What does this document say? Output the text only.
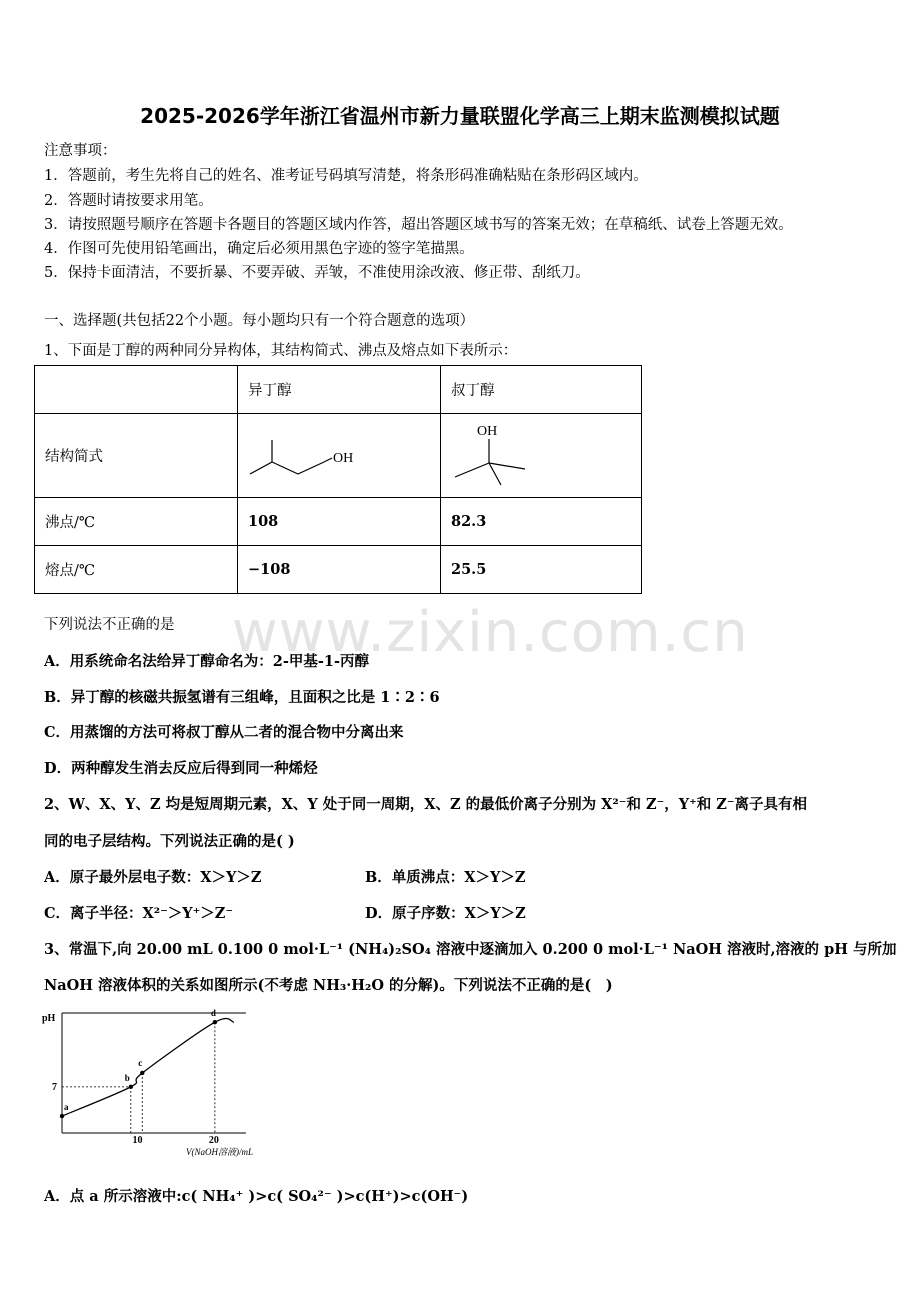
2025-2026学年浙江省温州市新力量联盟化学高三上期末监测模拟试题
注意事项：
1．答题前，考生先将自己的姓名、准考证号码填写清楚，将条形码准确粘贴在条形码区域内。
2．答题时请按要求用笔。
3．请按照题号顺序在答题卡各题目的答题区域内作答，超出答题区域书写的答案无效；在草稿纸、试卷上答题无效。
4．作图可先使用铅笔画出，确定后必须用黑色字迹的签字笔描黑。
5．保持卡面清洁，不要折暴、不要弄破、弄皱，不准使用涂改液、修正带、刮纸刀。
一、选择题(共包括22个小题。每小题均只有一个符合题意的选项）
1、下面是丁醇的两种同分异构体，其结构简式、沸点及熔点如下表所示：
www.zixin.com.cn
	异丁醇	叔丁醇
结构简式	OH	OH

沸点/℃	108	82.3
熔点/℃	−108	25.5
下列说法不正确的是
A．用系统命名法给异丁醇命名为：2-甲基-1-丙醇
B．异丁醇的核磁共振氢谱有三组峰，且面积之比是 1∶2∶6
C．用蒸馏的方法可将叔丁醇从二者的混合物中分离出来
D．两种醇发生消去反应后得到同一种烯烃
2、W、X、Y、Z 均是短周期元素，X、Y 处于同一周期，X、Z 的最低价离子分别为 X²⁻和 Z⁻，Y⁺和 Z⁻离子具有相
同的电子层结构。下列说法正确的是( )
A．原子最外层电子数：X＞Y＞Z	B．单质沸点：X＞Y＞Z
C．离子半径：X²⁻＞Y⁺＞Z⁻	D．原子序数：X＞Y＞Z
3、常温下,向 20.00 mL 0.100 0 mol·L⁻¹ (NH₄)₂SO₄ 溶液中逐滴加入 0.200 0 mol·L⁻¹ NaOH 溶液时,溶液的 pH 与所加
NaOH 溶液体积的关系如图所示(不考虑 NH₃·H₂O 的分解)。下列说法不正确的是(　)
pH
V(NaOH溶液)/mL
a
b
c
d
7
10	20
A．点 a 所示溶液中:c( NH₄⁺ )>c( SO₄²⁻ )>c(H⁺)>c(OH⁻)
